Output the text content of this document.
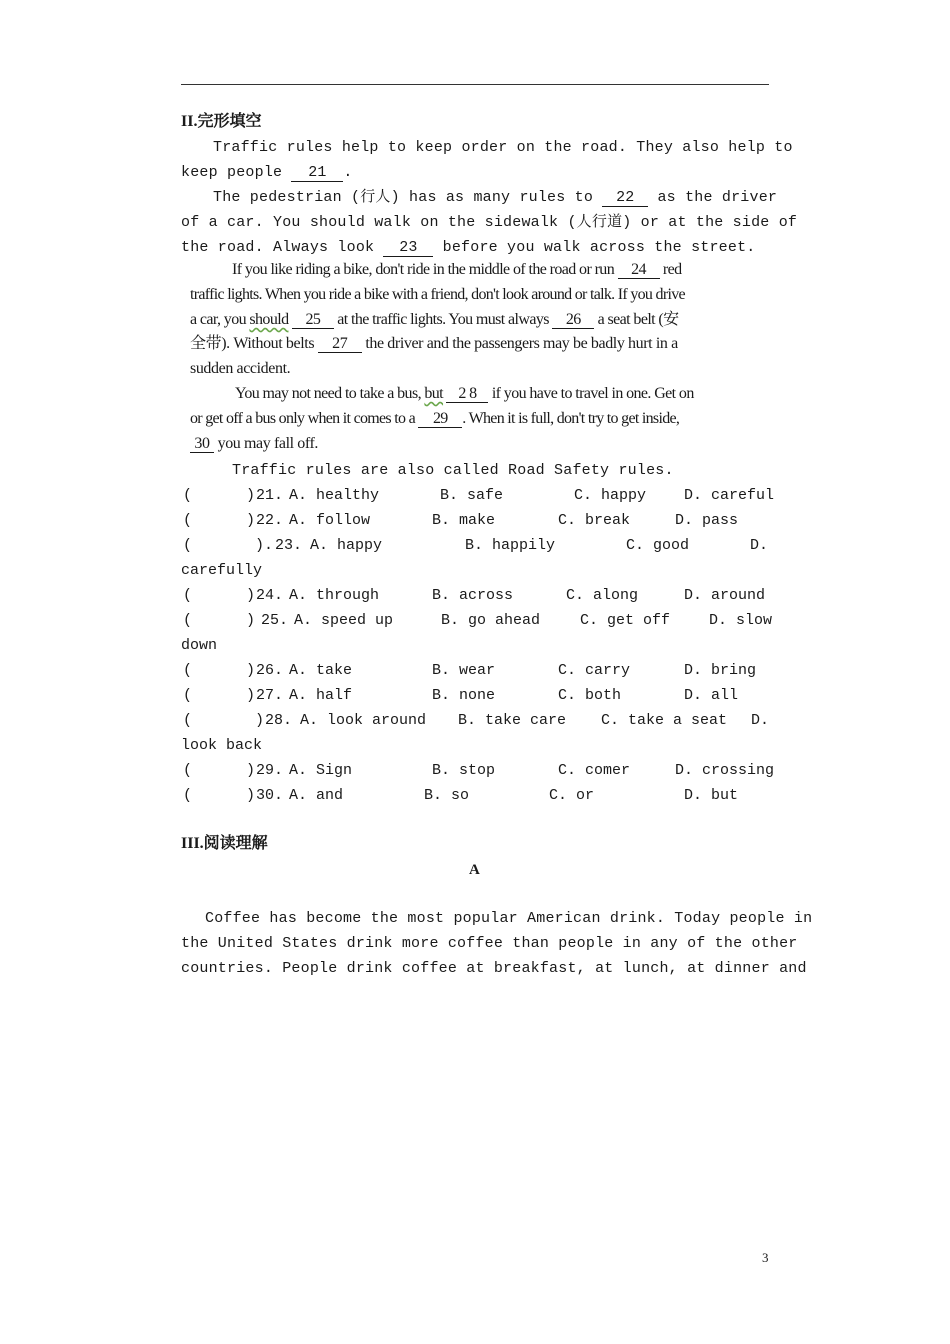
II.完形填空
Traffic rules help to keep order on the road. They also help to
keep people 21 .
The pedestrian (行人) has as many rules to 22 as the driver
of a car. You should walk on the sidewalk (人行道) or at the side of
the road. Always look 23 before you walk across the street.
If you like riding a bike, don't ride in the middle of the road or run 24 red
traffic lights. When you ride a bike with a friend, don't look around or talk. If you drive
a car, you should 25 at the traffic lights. You must always 26 a seat belt (安
全带). Without belts 27 the driver and the passengers may be badly hurt in a
sudden accident.
You may not need to take a bus, but 2 8 if you have to travel in one. Get on
or get off a bus only when it comes to a 29 . When it is full, don't try to get inside,
30 you may fall off.
Traffic rules are also called Road Safety rules.
(      ) 21. A. healthy	B. safe	C. happy	D. careful
(      ) 22. A. follow	B. make	C. break	D. pass
(       ). 23. A. happy	B. happily	C. good	D.
carefully
(      ) 24. A. through	B. across	C. along	D. around
(      ) 25. A. speed up	B. go ahead	C. get off	D. slow
down
(      ) 26. A. take	B. wear	C. carry	D. bring
(      ) 27. A. half	B. none	C. both	D. all
(       ) 28. A. look around B. take care C. take a seat D.
look back
(      ) 29. A. Sign	B. stop	C. comer	D. crossing
(      ) 30. A. and	B. so	C. or	D. but
III.阅读理解
A
Coffee has become the most popular American drink. Today people in
the United States drink more coffee than people in any of the other
countries. People drink coffee at breakfast, at lunch, at dinner and
3
